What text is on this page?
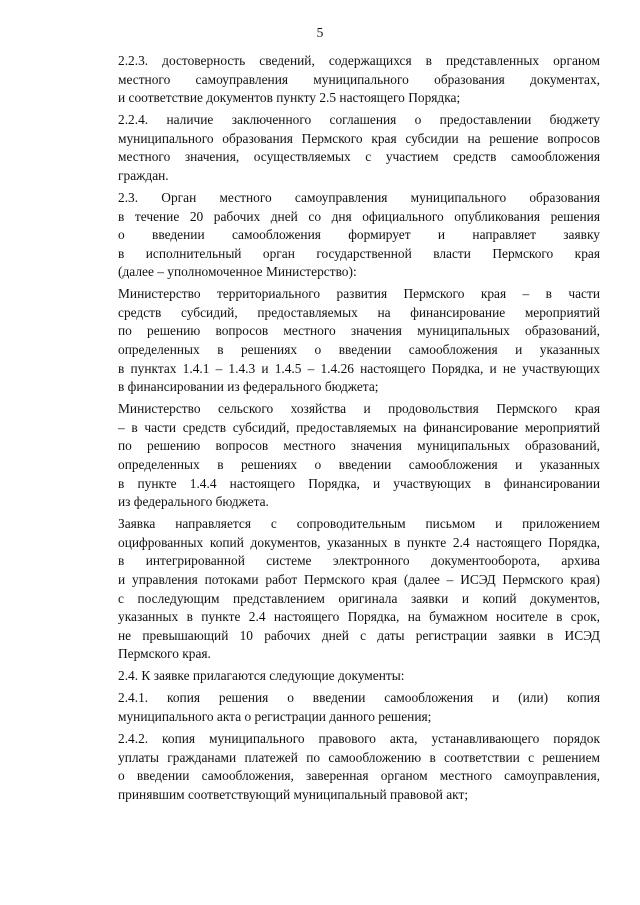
5
2.2.3. достоверность сведений, содержащихся в представленных органом
местного самоуправления муниципального образования документах,
и соответствие документов пункту 2.5 настоящего Порядка;
2.2.4. наличие заключенного соглашения о предоставлении бюджету
муниципального образования Пермского края субсидии на решение вопросов
местного значения, осуществляемых с участием средств самообложения
граждан.
2.3. Орган местного самоуправления муниципального образования
в течение 20 рабочих дней со дня официального опубликования решения
о введении самообложения формирует и направляет заявку
в исполнительный орган государственной власти Пермского края
(далее – уполномоченное Министерство):
Министерство территориального развития Пермского края – в части
средств субсидий, предоставляемых на финансирование мероприятий
по решению вопросов местного значения муниципальных образований,
определенных в решениях о введении самообложения и указанных
в пунктах 1.4.1 – 1.4.3 и 1.4.5 – 1.4.26 настоящего Порядка, и не участвующих
в финансировании из федерального бюджета;
Министерство сельского хозяйства и продовольствия Пермского края
– в части средств субсидий, предоставляемых на финансирование мероприятий
по решению вопросов местного значения муниципальных образований,
определенных в решениях о введении самообложения и указанных
в пункте 1.4.4 настоящего Порядка, и участвующих в финансировании
из федерального бюджета.
Заявка направляется с сопроводительным письмом и приложением
оцифрованных копий документов, указанных в пункте 2.4 настоящего Порядка,
в интегрированной системе электронного документооборота, архива
и управления потоками работ Пермского края (далее – ИСЭД Пермского края)
с последующим представлением оригинала заявки и копий документов,
указанных в пункте 2.4 настоящего Порядка, на бумажном носителе в срок,
не превышающий 10 рабочих дней с даты регистрации заявки в ИСЭД
Пермского края.
2.4. К заявке прилагаются следующие документы:
2.4.1. копия решения о введении самообложения и (или) копия
муниципального акта о регистрации данного решения;
2.4.2. копия муниципального правового акта, устанавливающего порядок
уплаты гражданами платежей по самообложению в соответствии с решением
о введении самообложения, заверенная органом местного самоуправления,
принявшим соответствующий муниципальный правовой акт;
